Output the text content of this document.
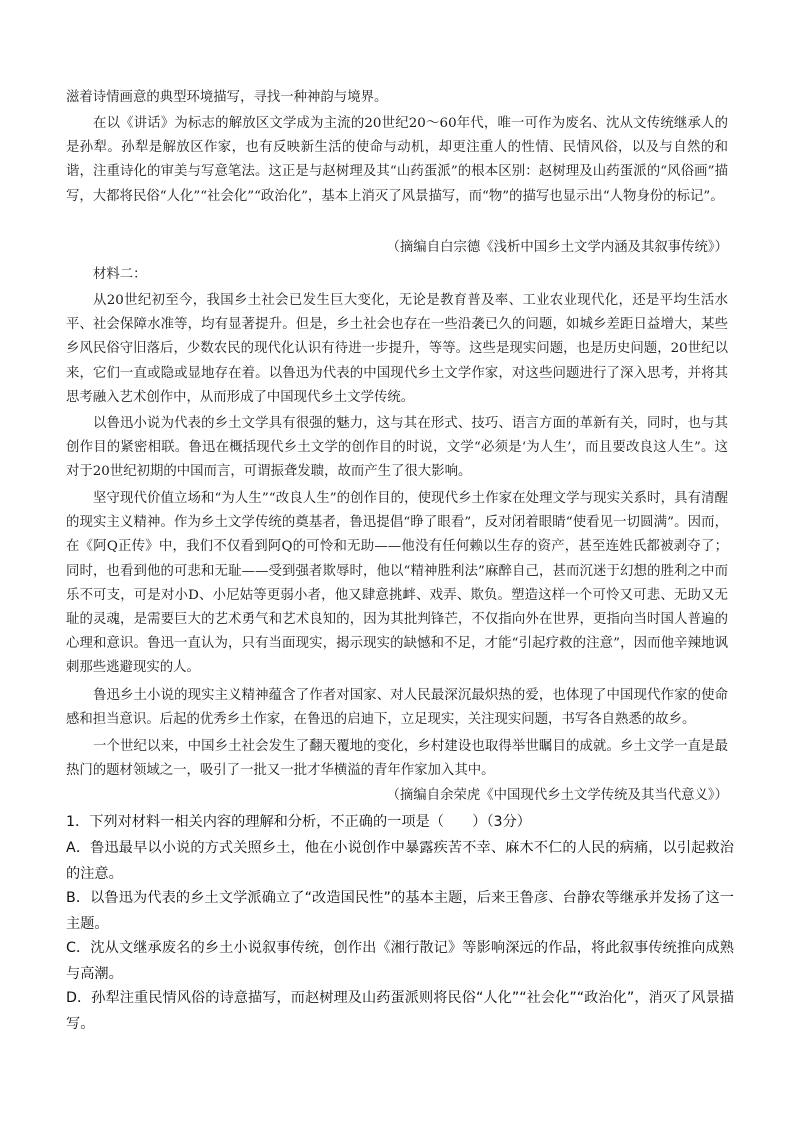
滋着诗情画意的典型环境描写，寻找一种神韵与境界。

在以《讲话》为标志的解放区文学成为主流的20世纪20～60年代，唯一可作为废名、沈从文传统继承人的是孙犁。孙犁是解放区作家，也有反映新生活的使命与动机，却更注重人的性情、民情风俗，以及与自然的和谐，注重诗化的审美与写意笔法。这正是与赵树理及其“山药蛋派”的根本区别：赵树理及山药蛋派的“风俗画”描写，大都将民俗“人化”“社会化”“政治化”，基本上消灭了风景描写，而“物”的描写也显示出“人物身份的标记”。

（摘编自白宗德《浅析中国乡土文学内涵及其叙事传统》）

材料二：

从20世纪初至今，我国乡土社会已发生巨大变化，无论是教育普及率、工业农业现代化，还是平均生活水平、社会保障水准等，均有显著提升。但是，乡土社会也存在一些沿袭已久的问题，如城乡差距日益增大，某些乡风民俗守旧落后，少数农民的现代化认识有待进一步提升，等等。这些是现实问题，也是历史问题，20世纪以来，它们一直或隐或显地存在着。以鲁迅为代表的中国现代乡土文学作家，对这些问题进行了深入思考，并将其思考融入艺术创作中，从而形成了中国现代乡土文学传统。

以鲁迅小说为代表的乡土文学具有很强的魅力，这与其在形式、技巧、语言方面的革新有关，同时，也与其创作目的紧密相联。鲁迅在概括现代乡土文学的创作目的时说，文学“必须是‘为人生’，而且要改良这人生”。这对于20世纪初期的中国而言，可谓振聋发聩，故而产生了很大影响。

坚守现代价值立场和“为人生”“改良人生”的创作目的，使现代乡土作家在处理文学与现实关系时，具有清醒的现实主义精神。作为乡土文学传统的奠基者，鲁迅提倡“睁了眼看”，反对闭着眼睛“使看见一切圆满”。因而，在《阿Q正传》中，我们不仅看到阿Q的可怜和无助——他没有任何赖以生存的资产，甚至连姓氏都被剥夺了；同时，也看到他的可悲和无耻——受到强者欺辱时，他以“精神胜利法”麻醉自己，甚而沉迷于幻想的胜利之中而乐不可支，可是对小D、小尼姑等更弱小者，他又肆意挑衅、戏弄、欺负。塑造这样一个可怜又可悲、无助又无耻的灵魂，是需要巨大的艺术勇气和艺术良知的，因为其批判锋芒，不仅指向外在世界，更指向当时国人普遍的心理和意识。鲁迅一直认为，只有当面现实，揭示现实的缺憾和不足，才能“引起疗救的注意”，因而他辛辣地讽刺那些逃避现实的人。

鲁迅乡土小说的现实主义精神蕴含了作者对国家、对人民最深沉最炽热的爱，也体现了中国现代作家的使命感和担当意识。后起的优秀乡土作家，在鲁迅的启迪下，立足现实，关注现实问题，书写各自熟悉的故乡。

一个世纪以来，中国乡土社会发生了翻天覆地的变化，乡村建设也取得举世瞩目的成就。乡土文学一直是最热门的题材领域之一，吸引了一批又一批才华横溢的青年作家加入其中。

（摘编自余荣虎《中国现代乡土文学传统及其当代意义》）

1．下列对材料一相关内容的理解和分析，不正确的一项是（　　）（3分）

A．鲁迅最早以小说的方式关照乡土，他在小说创作中暴露疾苦不幸、麻木不仁的人民的病痛，以引起救治的注意。

B．以鲁迅为代表的乡土文学派确立了“改造国民性”的基本主题，后来王鲁彦、台静农等继承并发扬了这一主题。

C．沈从文继承废名的乡土小说叙事传统，创作出《湘行散记》等影响深远的作品，将此叙事传统推向成熟与高潮。

D．孙犁注重民情风俗的诗意描写，而赵树理及山药蛋派则将民俗“人化”“社会化”“政治化”，消灭了风景描写。
